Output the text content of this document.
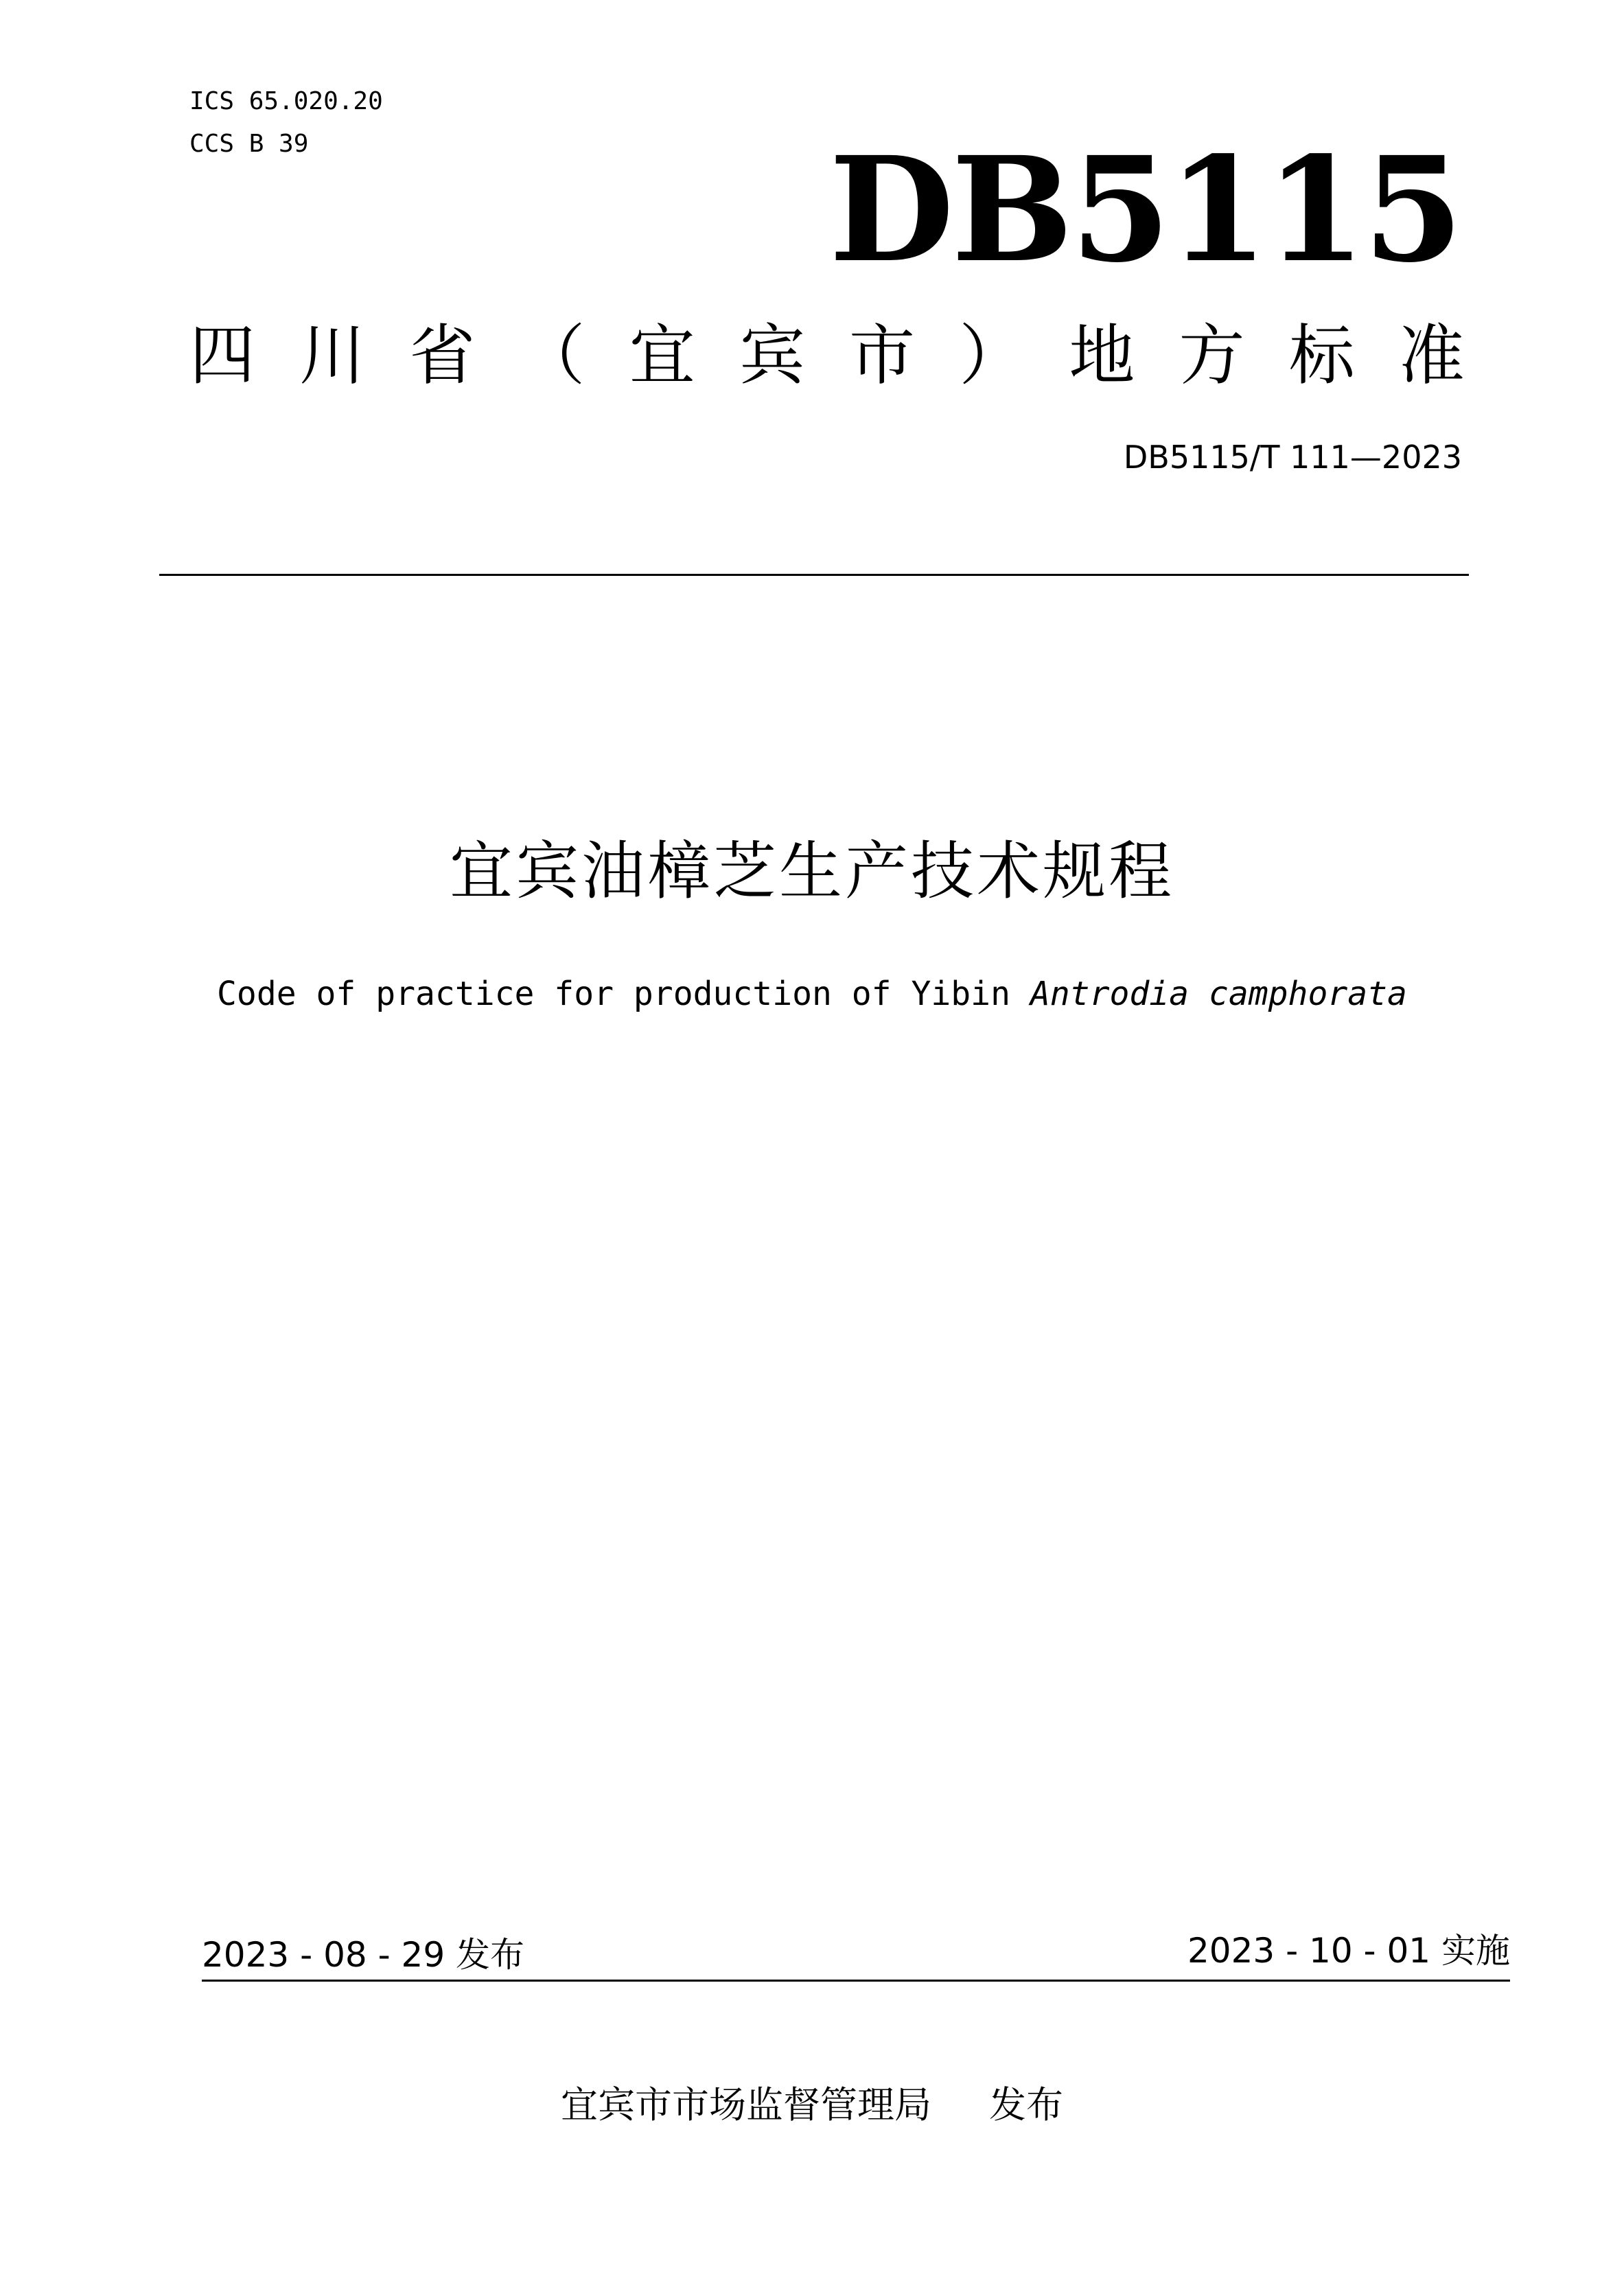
ICS 65.020.20
CCS B 39	DB5115
四 川 省 （ 宜 宾 市 ） 地 方 标 准
DB5115/T 111—2023
宜宾油樟芝生产技术规程
Code of practice for production of Yibin Antrodia camphorata
2023 - 08 - 29 发布	2023 - 10 - 01 实施
宜宾市市场监督管理局 发布
